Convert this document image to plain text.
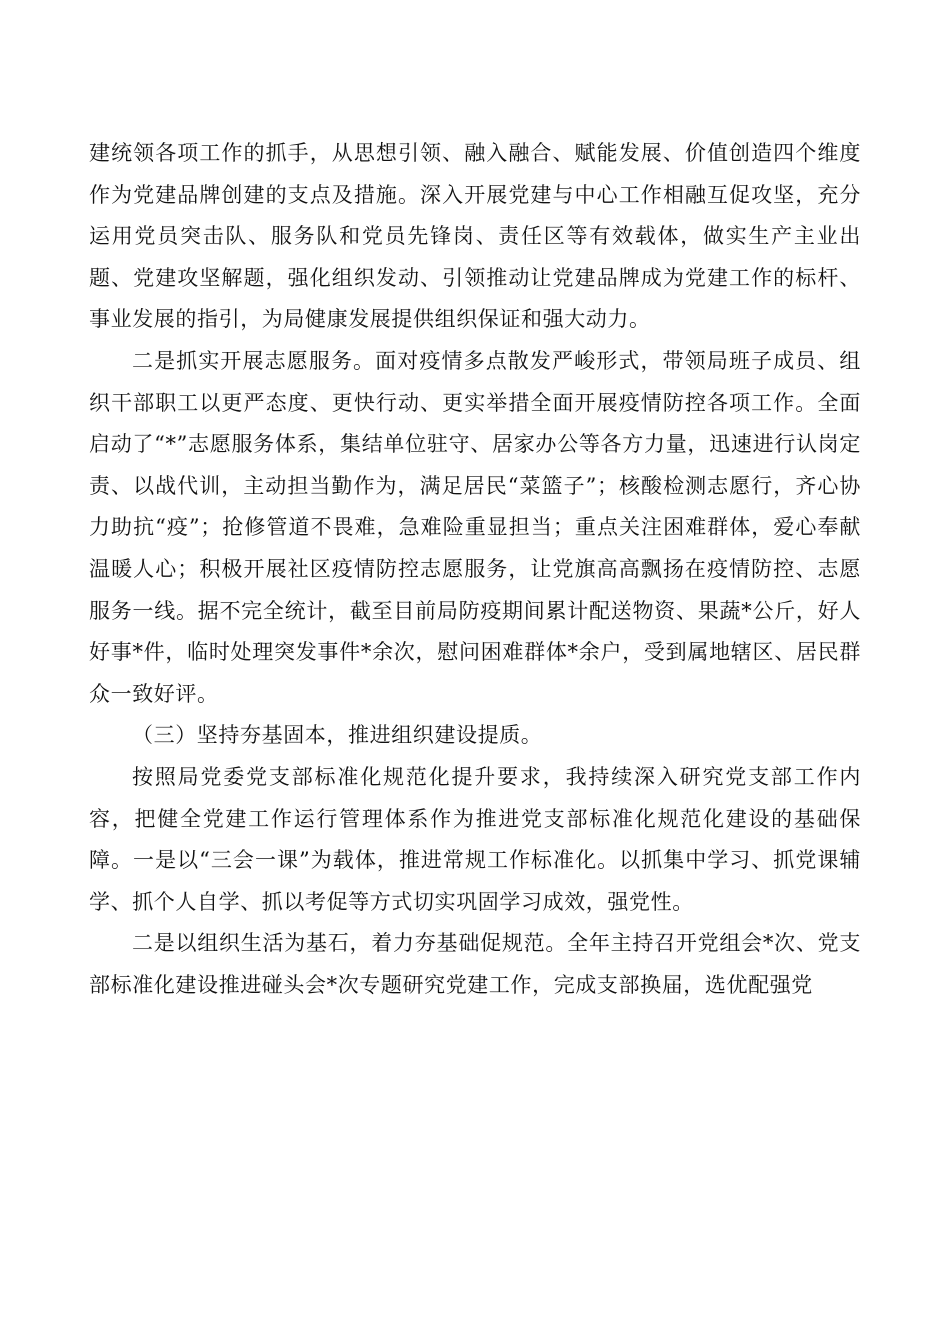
建统领各项工作的抓手，从思想引领、融入融合、赋能发展、价值创造四个维度作为党建品牌创建的支点及措施。深入开展党建与中心工作相融互促攻坚，充分运用党员突击队、服务队和党员先锋岗、责任区等有效载体，做实生产主业出题、党建攻坚解题，强化组织发动、引领推动让党建品牌成为党建工作的标杆、事业发展的指引，为局健康发展提供组织保证和强大动力。

二是抓实开展志愿服务。面对疫情多点散发严峻形式，带领局班子成员、组织干部职工以更严态度、更快行动、更实举措全面开展疫情防控各项工作。全面启动了“*”志愿服务体系，集结单位驻守、居家办公等各方力量，迅速进行认岗定责、以战代训，主动担当勤作为，满足居民“菜篮子”；核酸检测志愿行，齐心协力助抗“疫”；抢修管道不畏难，急难险重显担当；重点关注困难群体，爱心奉献温暖人心；积极开展社区疫情防控志愿服务，让党旗高高飘扬在疫情防控、志愿服务一线。据不完全统计，截至目前局防疫期间累计配送物资、果蔬*公斤，好人好事*件，临时处理突发事件*余次，慰问困难群体*余户，受到属地辖区、居民群众一致好评。

（三）坚持夯基固本，推进组织建设提质。

按照局党委党支部标准化规范化提升要求，我持续深入研究党支部工作内容，把健全党建工作运行管理体系作为推进党支部标准化规范化建设的基础保障。一是以“三会一课”为载体，推进常规工作标准化。以抓集中学习、抓党课辅学、抓个人自学、抓以考促等方式切实巩固学习成效，强党性。

二是以组织生活为基石，着力夯基础促规范。全年主持召开党组会*次、党支部标准化建设推进碰头会*次专题研究党建工作，完成支部换届，选优配强党
